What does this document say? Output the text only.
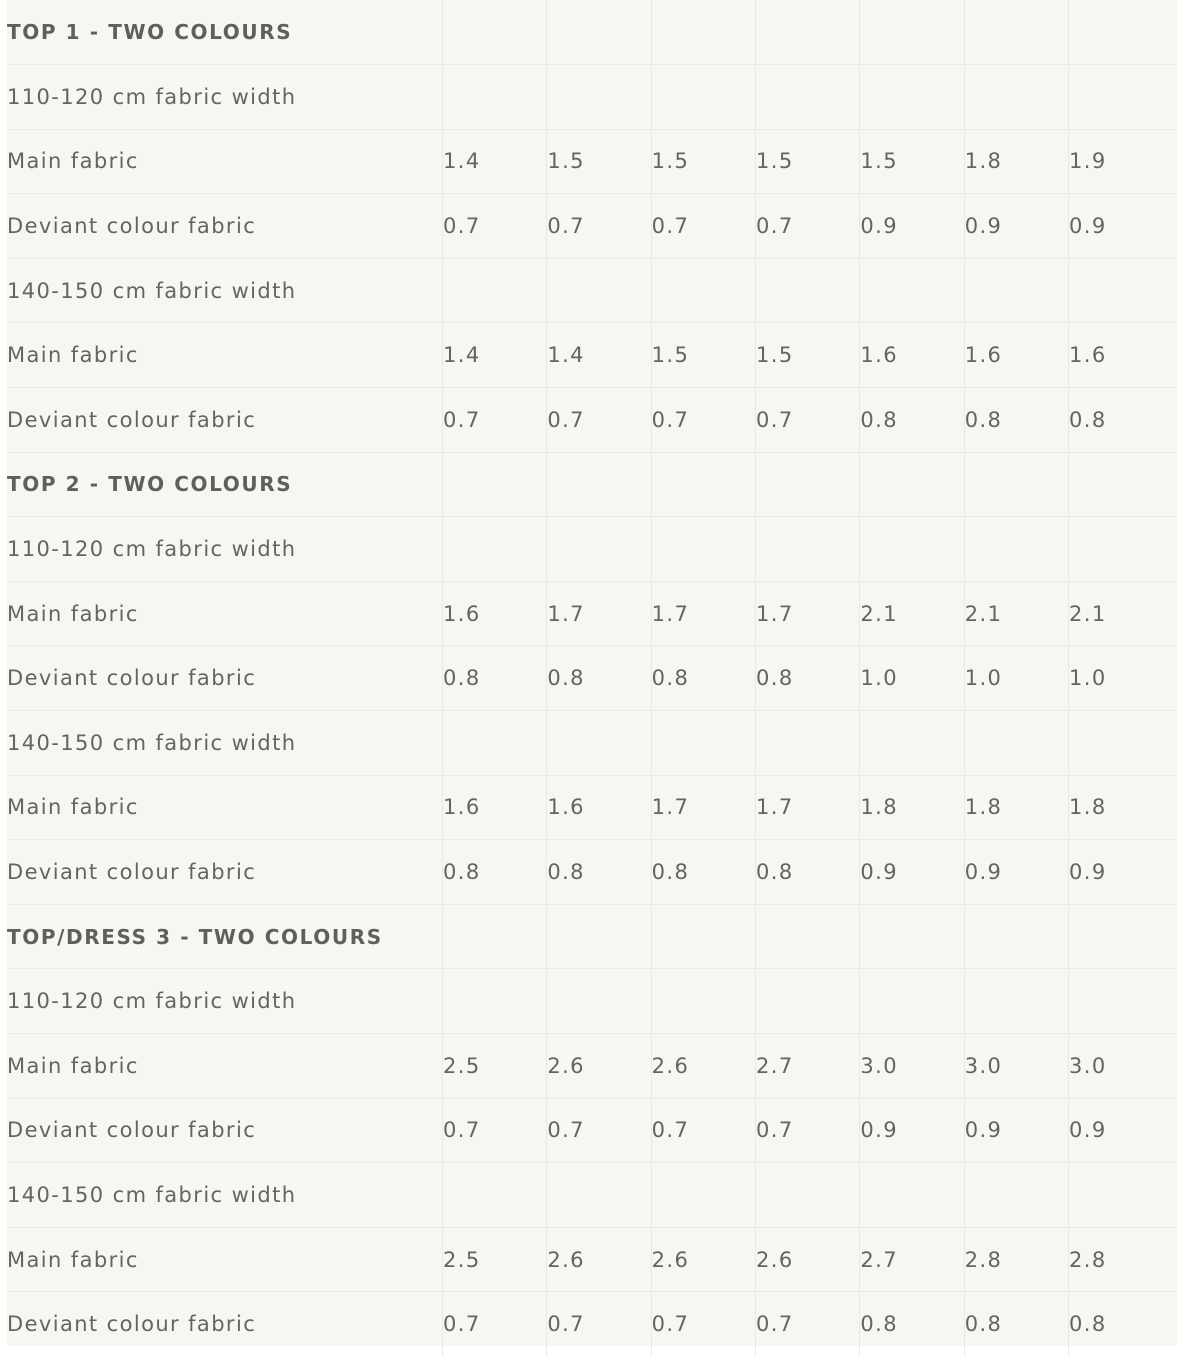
TOP 1 - TWO COLOURS							
110-120 cm fabric width							
Main fabric	1.4	1.5	1.5	1.5	1.5	1.8	1.9
Deviant colour fabric	0.7	0.7	0.7	0.7	0.9	0.9	0.9
140-150 cm fabric width							
Main fabric	1.4	1.4	1.5	1.5	1.6	1.6	1.6
Deviant colour fabric	0.7	0.7	0.7	0.7	0.8	0.8	0.8
TOP 2 - TWO COLOURS							
110-120 cm fabric width							
Main fabric	1.6	1.7	1.7	1.7	2.1	2.1	2.1
Deviant colour fabric	0.8	0.8	0.8	0.8	1.0	1.0	1.0
140-150 cm fabric width							
Main fabric	1.6	1.6	1.7	1.7	1.8	1.8	1.8
Deviant colour fabric	0.8	0.8	0.8	0.8	0.9	0.9	0.9
TOP/DRESS 3 - TWO COLOURS							
110-120 cm fabric width							
Main fabric	2.5	2.6	2.6	2.7	3.0	3.0	3.0
Deviant colour fabric	0.7	0.7	0.7	0.7	0.9	0.9	0.9
140-150 cm fabric width							
Main fabric	2.5	2.6	2.6	2.6	2.7	2.8	2.8
Deviant colour fabric	0.7	0.7	0.7	0.7	0.8	0.8	0.8
